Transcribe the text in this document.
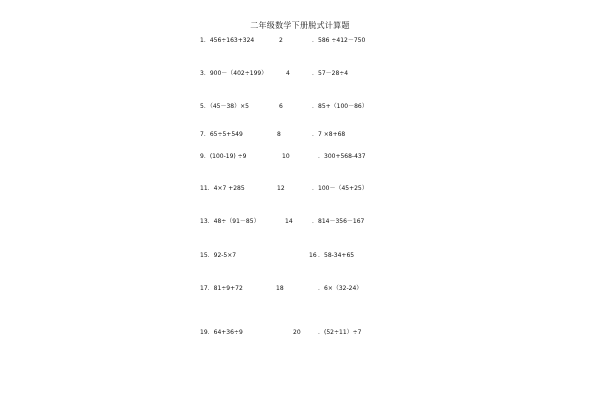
二年级数学下册脱式计算题
1．456÷163+324	2	．586 ÷412－750
3．900－（402÷199）	4	．57－28÷4
5．（45－38）×5	6	．85+（100－86）
7．65÷5+549	8	．7 ×8+68
9．(100-19) ÷9	10	．300+568-437
11．4×7 +285	12	．100－（45+25）
13．48÷（91－85）	14	．814－356－167
15．92-5×7	16 ．58-34+65
17．81÷9+72	18	．6×（32-24）
19．64+36÷9	20	．(52÷11）÷7
